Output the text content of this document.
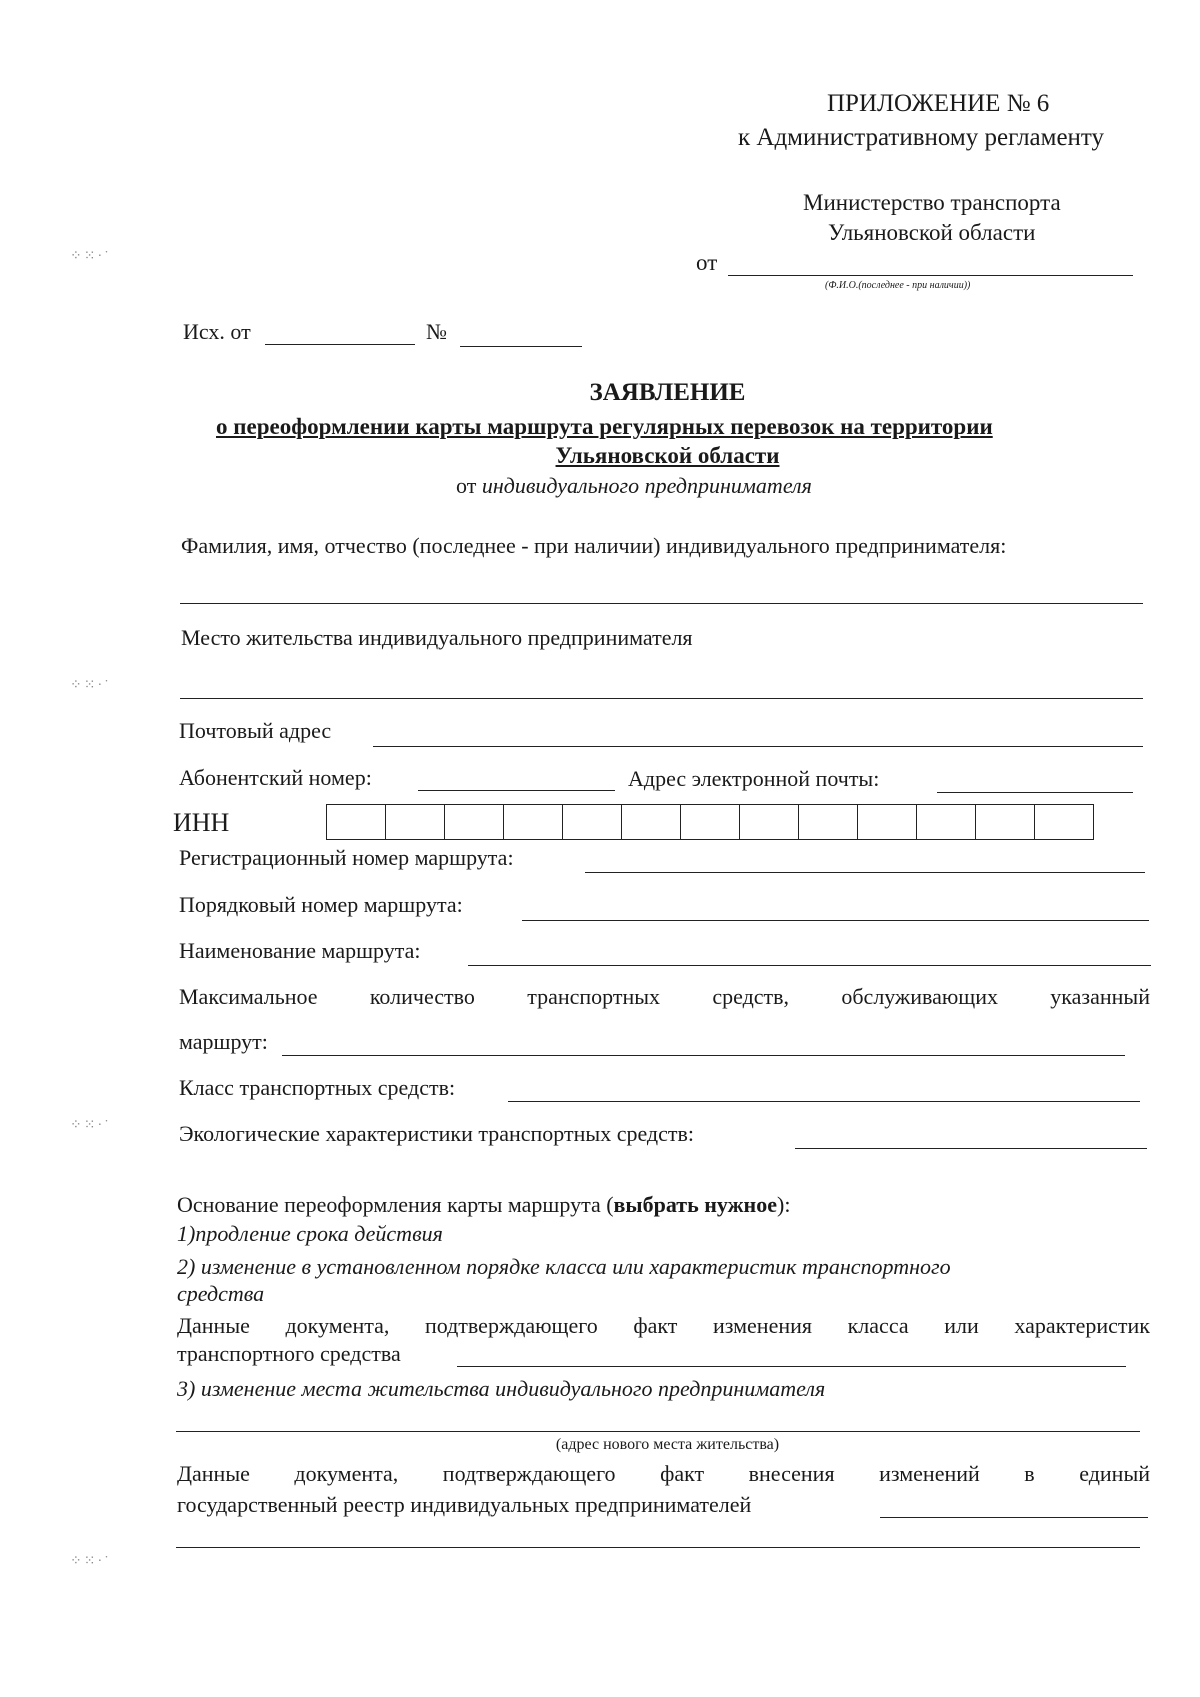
ПРИЛОЖЕНИЕ № 6
к Административному регламенту
Министерство транспорта
Ульяновской области
от
(Ф.И.О.(последнее - при наличии))
Исх. от	№
ЗАЯВЛЕНИЕ
о переоформлении карты маршрута регулярных перевозок на территории
Ульяновской области
от индивидуального предпринимателя
Фамилия, имя, отчество (последнее - при наличии) индивидуального предпринимателя:
Место жительства индивидуального предпринимателя
Почтовый адрес
Абонентский номер:	Адрес электронной почты:
ИНН
Регистрационный номер маршрута:
Порядковый номер маршрута:
Наименование маршрута:
Максимальное количество транспортных средств, обслуживающих указанный
маршрут:
Класс транспортных средств:
Экологические характеристики транспортных средств:
Основание переоформления карты маршрута (выбрать нужное):
1)продление срока действия
2) изменение в установленном порядке класса или характеристик транспортного
средства
Данные документа, подтверждающего факт изменения класса или характеристик
транспортного средства
3) изменение места жительства индивидуального предпринимателя
(адрес нового места жительства)
Данные документа, подтверждающего факт внесения изменений в единый
государственный реестр индивидуальных предпринимателей
⁘⁙·˙
⁘⁙·˙
⁘⁙·˙
⁘⁙·˙
